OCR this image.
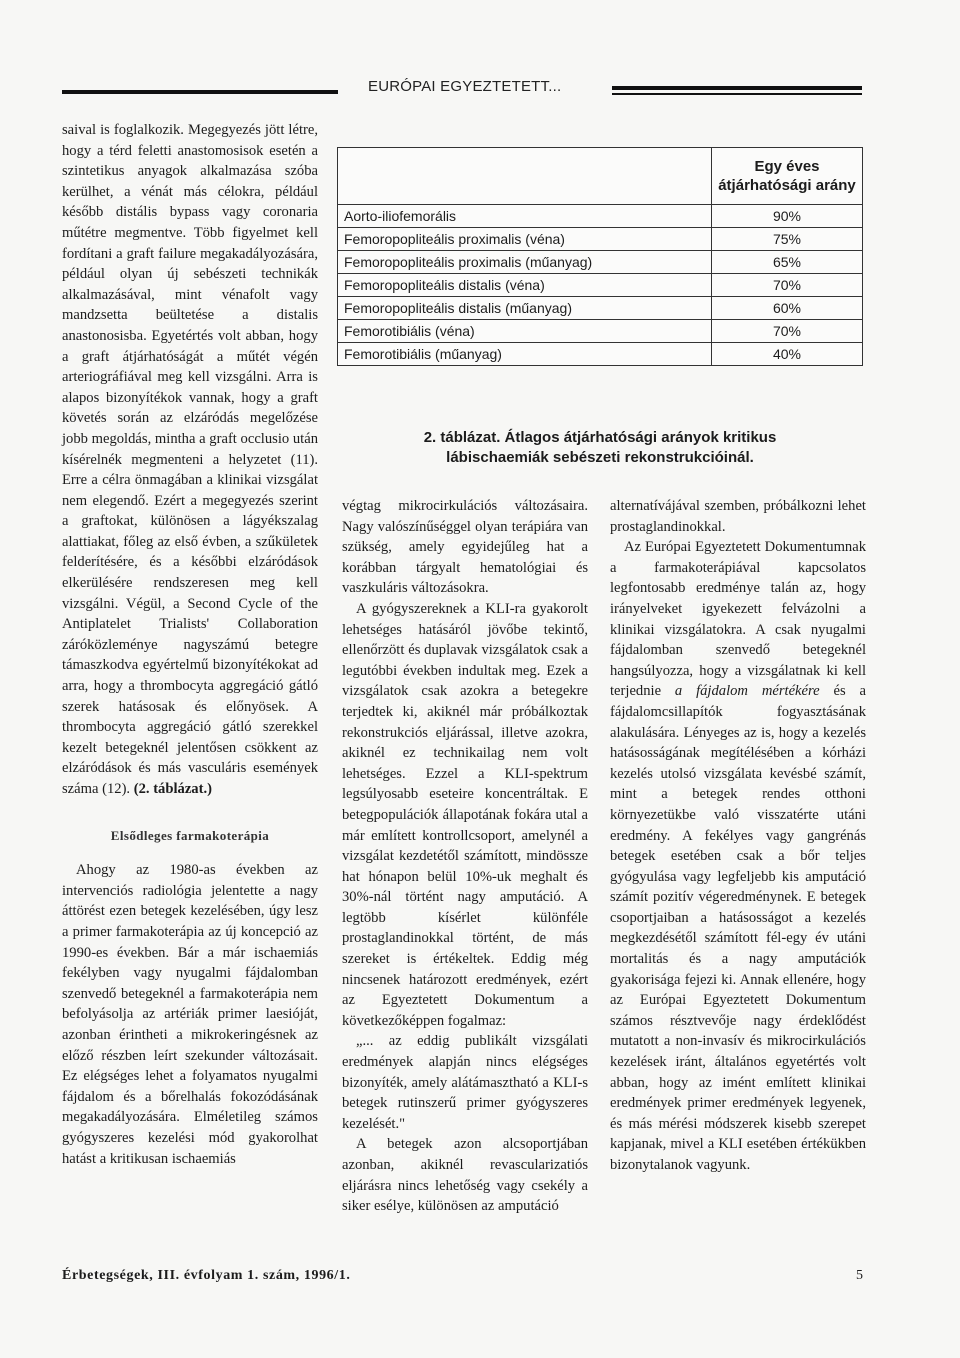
EURÓPAI EGYEZTETETT...

saival is foglalkozik. Megegyezés jött létre, hogy a térd feletti anastomosisok esetén a szintetikus anyagok alkalmazása szóba kerülhet, a vénát más célokra, például később distális bypass vagy coronaria műtétre megmentve. Több figyelmet kell fordítani a graft failure megakadályozására, például olyan új sebészeti technikák alkalmazásával, mint vénafolt vagy mandzsetta beültetése a distalis anastonosisba. Egyetértés volt abban, hogy a graft átjárhatóságát a műtét végén arteriográfiával meg kell vizsgálni. Arra is alapos bizonyítékok vannak, hogy a graft követés során az elzáródás megelőzése jobb megoldás, mintha a graft occlusio után kísérelnék megmenteni a helyzetet (11). Erre a célra önmagában a klinikai vizsgálat nem elegendő. Ezért a megegyezés szerint a graftokat, különösen a lágyékszalag alattiakat, főleg az első évben, a szűkületek felderítésére, és a későbbi elzáródások elkerülésére rendszeresen meg kell vizsgálni. Végül, a Second Cycle of the Antiplatelet Trialists' Collaboration záróközleménye nagyszámú betegre támaszkodva egyértelmű bizonyítékokat ad arra, hogy a thrombocyta aggregáció gátló szerek hatásosak és előnyösek. A thrombocyta aggregáció gátló szerekkel kezelt betegeknél jelentősen csökkent az elzáródások és más vasculáris események száma (12). (2. táblázat.)

Elsődleges farmakoterápia

Ahogy az 1980-as években az intervenciós radiológia jelentette a nagy áttörést ezen betegek kezelésében, úgy lesz a primer farmakoterápia az új koncepció az 1990-es években. Bár a már ischaemiás fekélyben vagy nyugalmi fájdalomban szenvedő betegeknél a farmakoterápia nem befolyásolja az artériák primer laesióját, azonban érintheti a mikrokeringésnek az előző részben leírt szekunder változásait. Ez elégséges lehet a folyamatos nyugalmi fájdalom és a bőrelhalás fokozódásának megakadályozására. Elméletileg számos gyógyszeres kezelési mód gyakorolhat hatást a kritikusan ischaemiás

	Egy éves átjárhatósági arány
Aorto-iliofemorális	90%
Femoropopliteális proximalis (véna)	75%
Femoropopliteális proximalis (műanyag)	65%
Femoropopliteális distalis (véna)	70%
Femoropopliteális distalis (műanyag)	60%
Femorotibiális (véna)	70%
Femorotibiális (műanyag)	40%
2. táblázat. Átlagos átjárhatósági arányok kritikus
lábischaemiák sebészeti rekonstrukcióinál.

végtag mikrocirkulációs változásaira. Nagy valószínűséggel olyan terápiára van szükség, amely egyidejűleg hat a korábban tárgyalt hematológiai és vaszkuláris változásokra.

A gyógyszereknek a KLI-ra gyakorolt lehetséges hatásáról jövőbe tekintő, ellenőrzött és duplavak vizsgálatok csak a legutóbbi években indultak meg. Ezek a vizsgálatok csak azokra a betegekre terjedtek ki, akiknél már próbálkoztak rekonstrukciós eljárással, illetve azokra, akiknél ez technikailag nem volt lehetséges. Ezzel a KLI-spektrum legsúlyosabb eseteire koncentráltak. E betegpopulációk állapotának fokára utal a már említett kontrollcsoport, amelynél a vizsgálat kezdetétől számított, mindössze hat hónapon belül 10%-uk meghalt és 30%-nál történt nagy amputáció. A legtöbb kísérlet különféle prostaglandinokkal történt, de más szereket is értékeltek. Eddig még nincsenek határozott eredmények, ezért az Egyeztetett Dokumentum a következőképpen fogalmaz:

„... az eddig publikált vizsgálati eredmények alapján nincs elégséges bizonyíték, amely alátámasztható a KLI-s betegek rutinszerű primer gyógyszeres kezelését."

A betegek azon alcsoportjában azonban, akiknél revascularizatiós eljárásra nincs lehetőség vagy csekély a siker esélye, különösen az amputáció

alternatívájával szemben, próbálkozni lehet prostaglandinokkal.

Az Európai Egyeztetett Dokumentumnak a farmakoterápiával kapcsolatos legfontosabb eredménye talán az, hogy irányelveket igyekezett felvázolni a klinikai vizsgálatokra. A csak nyugalmi fájdalomban szenvedő betegeknél hangsúlyozza, hogy a vizsgálatnak ki kell terjednie a fájdalom mértékére és a fájdalomcsillapítók fogyasztásának alakulására. Lényeges az is, hogy a kezelés hatásosságának megítélésében a kórházi kezelés utolsó vizsgálata kevésbé számít, mint a betegek rendes otthoni környezetükbe való visszatérte utáni eredmény. A fekélyes vagy gangrénás betegek esetében csak a bőr teljes gyógyulása vagy legfeljebb kis amputáció számít pozitív végeredménynek. E betegek csoportjaiban a hatásosságot a kezelés megkezdésétől számított fél-egy év utáni mortalitás és a nagy amputációk gyakorisága fejezi ki. Annak ellenére, hogy az Európai Egyeztetett Dokumentum számos résztvevője nagy érdeklődést mutatott a non-invasív és mikrocirkulációs kezelések iránt, általános egyetértés volt abban, hogy az imént említett klinikai eredmények primer eredmények legyenek, és más mérési módszerek kisebb szerepet kapjanak, mivel a KLI esetében értékükben bizonytalanok vagyunk.

Érbetegségek, III. évfolyam 1. szám, 1996/1.	5
